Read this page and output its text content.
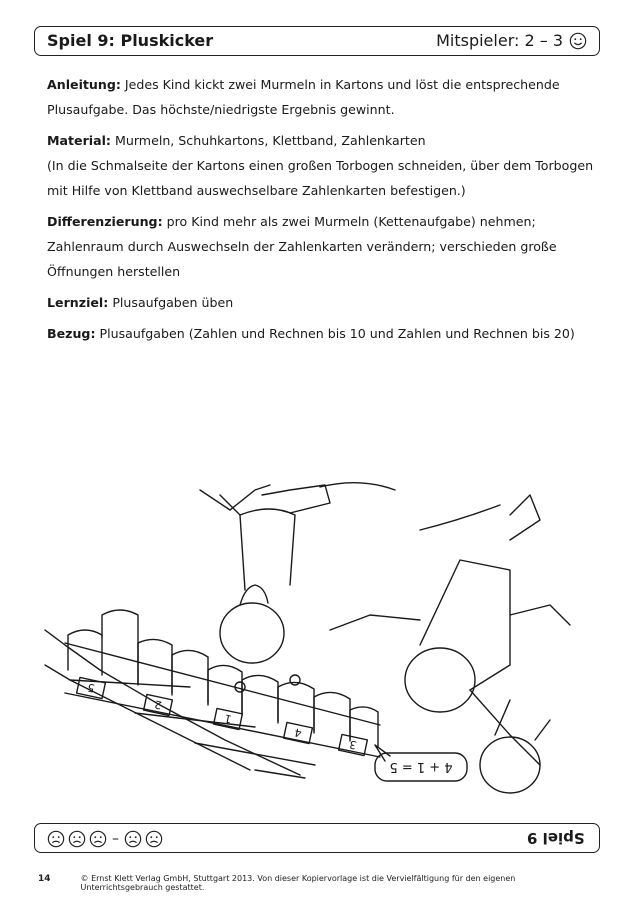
Spiel 9: Pluskicker	Mitspieler: 2 – 3

Anleitung: Jedes Kind kickt zwei Murmeln in Kartons und löst die entsprechende Plusaufgabe. Das höchste/niedrigste Ergebnis gewinnt.

Material: Murmeln, Schuhkartons, Klettband, Zahlenkarten
(In die Schmalseite der Kartons einen großen Torbogen schneiden, über dem Torbogen mit Hilfe von Klettband auswechselbare Zahlenkarten befestigen.)

Differenzierung: pro Kind mehr als zwei Murmeln (Kettenaufgabe) nehmen; Zahlenraum durch Auswechseln der Zahlenkarten verändern; verschieden große Öffnungen herstellen

Lernziel: Plusaufgaben üben

Bezug: Plusaufgaben (Zahlen und Rechnen bis 10 und Zahlen und Rechnen bis 20)

5
2
1
4
3
4 + 1 = 5
–	Spiel 9
14	© Ernst Klett Verlag GmbH, Stuttgart 2013. Von dieser Kopiervorlage ist die Vervielfältigung für den eigenen Unterrichtsgebrauch gestattet.
